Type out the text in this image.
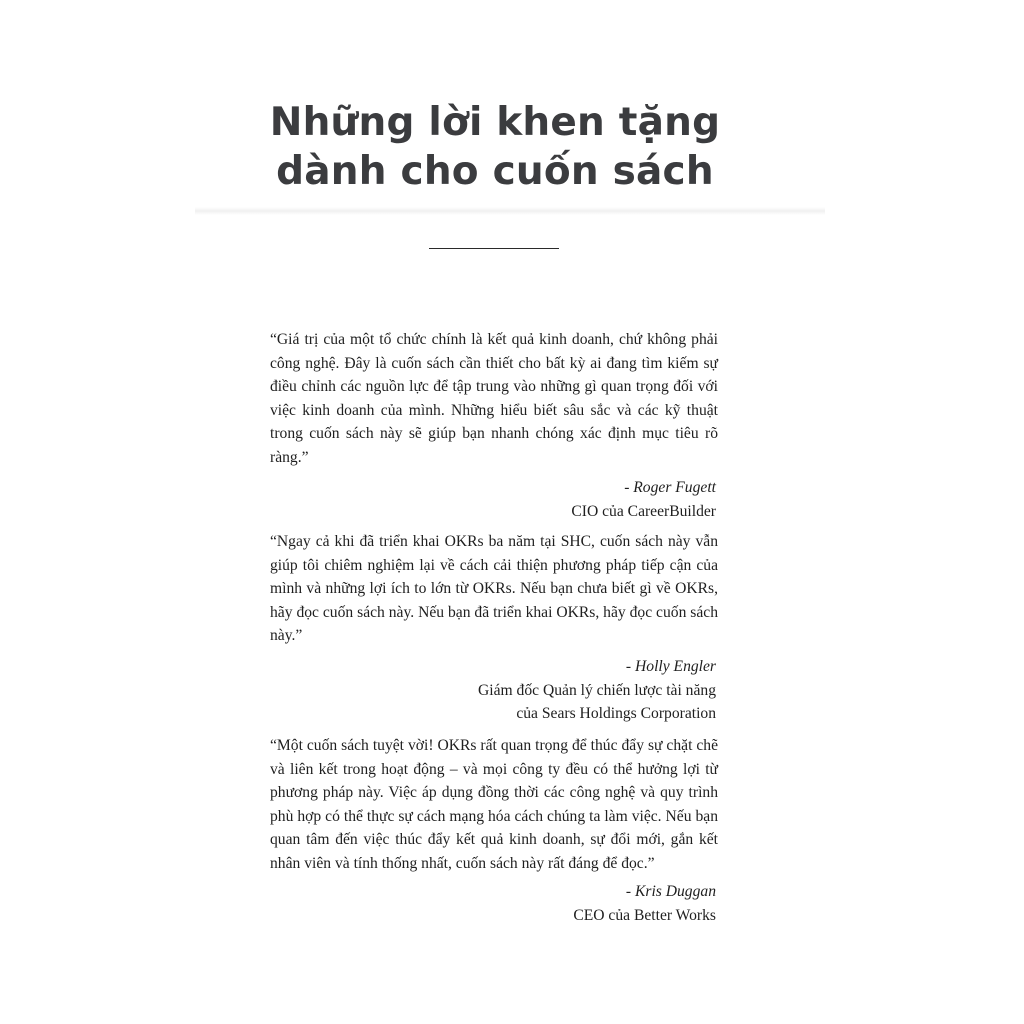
Những lời khen tặng
dành cho cuốn sách

“Giá trị của một tổ chức chính là kết quả kinh doanh, chứ không phải công nghệ. Đây là cuốn sách cần thiết cho bất kỳ ai đang tìm kiếm sự điều chỉnh các nguồn lực để tập trung vào những gì quan trọng đối với việc kinh doanh của mình. Những hiểu biết sâu sắc và các kỹ thuật trong cuốn sách này sẽ giúp bạn nhanh chóng xác định mục tiêu rõ ràng.”

- Roger Fugett
CIO của CareerBuilder

“Ngay cả khi đã triển khai OKRs ba năm tại SHC, cuốn sách này vẫn giúp tôi chiêm nghiệm lại về cách cải thiện phương pháp tiếp cận của mình và những lợi ích to lớn từ OKRs. Nếu bạn chưa biết gì về OKRs, hãy đọc cuốn sách này. Nếu bạn đã triển khai OKRs, hãy đọc cuốn sách này.”

- Holly Engler
Giám đốc Quản lý chiến lược tài năng
của Sears Holdings Corporation

“Một cuốn sách tuyệt vời! OKRs rất quan trọng để thúc đẩy sự chặt chẽ và liên kết trong hoạt động – và mọi công ty đều có thể hưởng lợi từ phương pháp này. Việc áp dụng đồng thời các công nghệ và quy trình phù hợp có thể thực sự cách mạng hóa cách chúng ta làm việc. Nếu bạn quan tâm đến việc thúc đẩy kết quả kinh doanh, sự đổi mới, gắn kết nhân viên và tính thống nhất, cuốn sách này rất đáng để đọc.”

- Kris Duggan
CEO của Better Works
